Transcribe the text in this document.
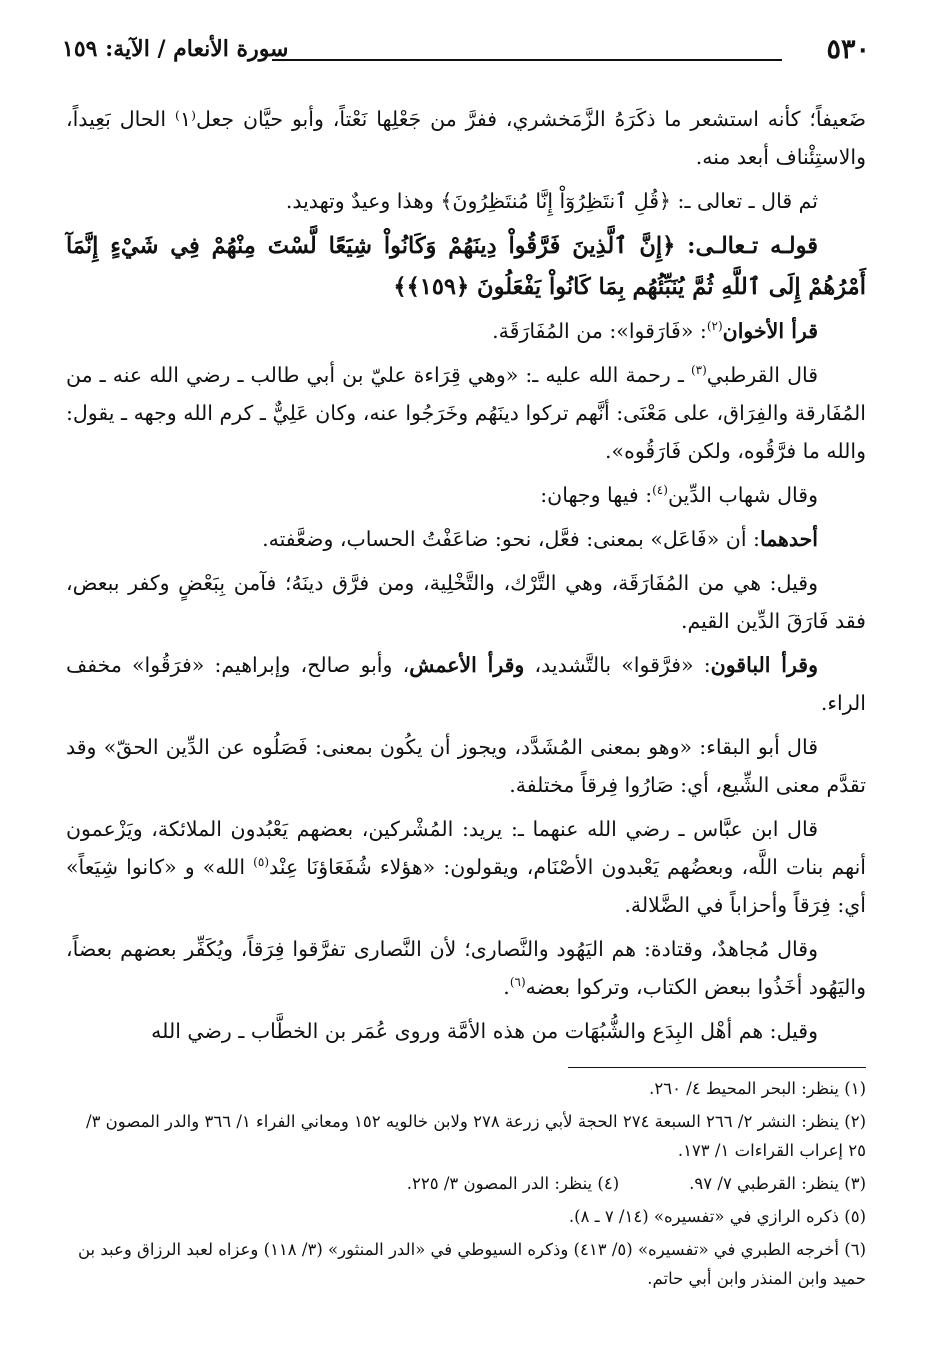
٥٣٠
سورة الأنعام / الآية: ١٥٩

ضَعيفاً؛ كأنه استشعر ما ذكَرَهُ الزَّمَخشري، ففرَّ من جَعْلِها نَعْتاً، وأبو حيَّان جعل⁽١⁾ الحال بَعِيداً، والاستِئْناف أبعد منه.

ثم قال ـ تعالى ـ: ﴿قُلِ ٱنتَظِرُوٓاْ إِنَّا مُنتَظِرُونَ﴾ وهذا وعيدٌ وتهديد.

قولـه تـعالـى: ﴿إِنَّ ٱلَّذِينَ فَرَّقُواْ دِينَهُمْ وَكَانُواْ شِيَعًا لَّسْتَ مِنْهُمْ فِي شَيْءٍ إِنَّمَآ أَمْرُهُمْ إِلَى ٱللَّهِ ثُمَّ يُنَبِّئُهُم بِمَا كَانُواْ يَفْعَلُونَ ﴿١٥٩﴾﴾

قرأ الأخوان$^{(٢)}$: «فَارَقوا»: من المُفَارَقَة.

قال القرطبي$^{(٣)}$ ـ رحمة الله عليه ـ: «وهي قِرَاءة عليّ بن أبي طالب ـ رضي الله عنه ـ من المُفَارقة والفِرَاق، على مَعْنَى: أنَّهم تركوا دينَهُم وخَرَجُوا عنه، وكان عَلِيٌّ ـ كرم الله وجهه ـ يقول: والله ما فرَّقُوه، ولكن فَارَقُوه».

وقال شهاب الدِّين$^{(٤)}$: فيها وجهان:

أحدهما: أن «فَاعَل» بمعنى: فعَّل، نحو: ضاعَفْتُ الحساب، وضعَّفته.

وقيل: هي من المُفَارَقَة، وهي التَّرْك، والتَّخْلِية، ومن فرَّق دينَهُ؛ فآمن بِبَعْضٍ وكفر ببعض، فقد فَارَقَ الدِّين القيم.

وقرأ الباقون: «فرَّقوا» بالتَّشديد، وقرأ الأعمش، وأبو صالح، وإبراهيم: «فرَقُوا» مخفف الراء.

قال أبو البقاء: «وهو بمعنى المُشَدَّد، ويجوز أن يكُون بمعنى: فَصَلُوه عن الدِّين الحقّ» وقد تقدَّم معنى الشِّيع، أي: صَارُوا فِرقاً مختلفة.

قال ابن عبَّاس ـ رضي الله عنهما ـ: يريد: المُشْركين، بعضهم يَعْبُدون الملائكة، ويَزْعمون أنهم بنات اللَّه، وبعضُهم يَعْبدون الأصْنَام، ويقولون: «هؤلاء شُفَعَاؤنَا عِنْد$^{(٥)}$ الله» و «كانوا شِيَعاً» أي: فِرَقاً وأحزاباً في الضَّلالة.

وقال مُجاهدٌ، وقتادة: هم اليَهُود والنَّصارى؛ لأن النَّصارى تفرَّقوا فِرَقاً، ويُكَفِّر بعضهم بعضاً، واليَهُود أخَذُوا ببعض الكتاب، وتركوا بعضه$^{(٦)}$.

وقيل: هم أهْل البِدَع والشُّبُهَات من هذه الأمَّة وروى عُمَر بن الخطَّاب ـ رضي الله

(١) ينظر: البحر المحيط ٤/ ٢٦٠.

(٢) ينظر: النشر ٢/ ٢٦٦ السبعة ٢٧٤ الحجة لأبي زرعة ٢٧٨ ولابن خالويه ١٥٢ ومعاني الفراء ١/ ٣٦٦ والدر المصون ٣/ ٢٥ إعراب القراءات ١/ ١٧٣.

(٣) ينظر: القرطبي ٧/ ٩٧.(٤) ينظر: الدر المصون ٣/ ٢٢٥.

(٥) ذكره الرازي في «تفسيره» (١٤/ ٧ ـ ٨).

(٦) أخرجه الطبري في «تفسيره» (٥/ ٤١٣) وذكره السيوطي في «الدر المنثور» (٣/ ١١٨) وعزاه لعبد الرزاق وعبد بن حميد وابن المنذر وابن أبي حاتم.
